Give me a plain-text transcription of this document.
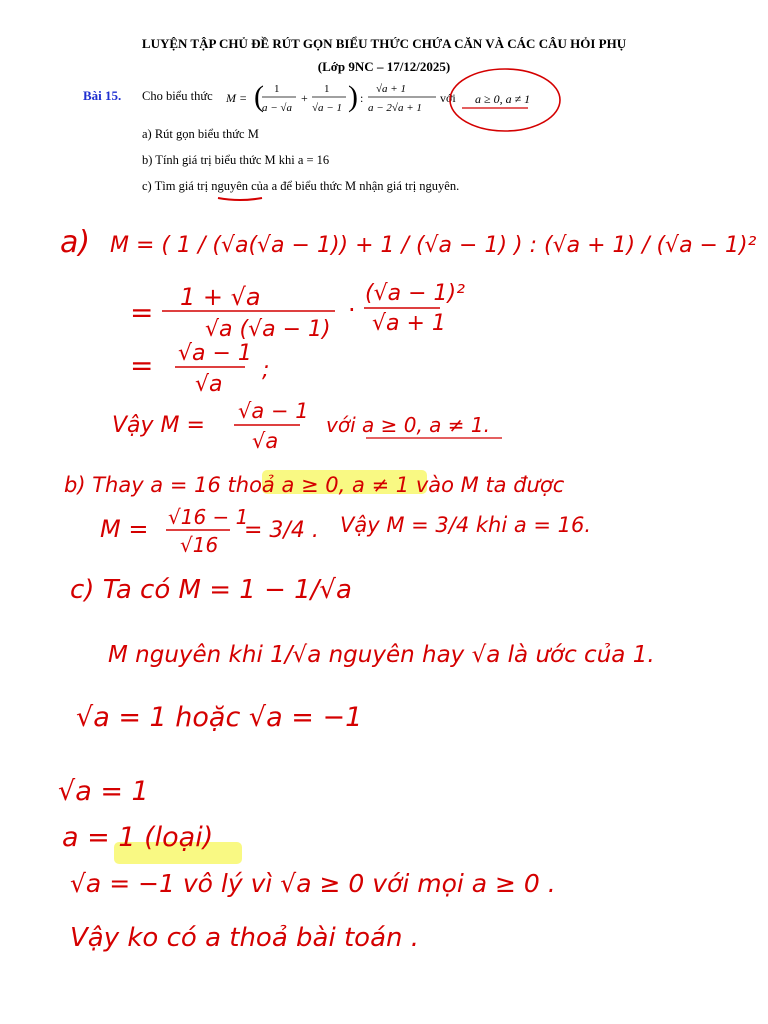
LUYỆN TẬP CHỦ ĐỀ RÚT GỌN BIỂU THỨC CHỨA CĂN VÀ CÁC CÂU HỎI PHỤ
(Lớp 9NC – 17/12/2025)
Bài 15. Cho biểu thức M = ( 1
a − √a
+
1
√a − 1 ) :
√a + 1
a − 2√a + 1
với a ≥ 0, a ≠ 1
a) Rút gọn biểu thức M
b) Tính giá trị biểu thức M khi a = 16
c) Tìm giá trị nguyên của a để biểu thức M nhận giá trị nguyên.
a) M = ( 1 / (√a(√a − 1)) + 1 / (√a − 1) ) : (√a + 1) / (√a − 1)²
= 1 + √a
√a (√a − 1)
·
(√a − 1)²
√a + 1
= √a − 1
√a
;
Vậy M =
√a − 1
√a
với a ≥ 0, a ≠ 1.
b) Thay a = 16 thoả a ≥ 0, a ≠ 1 vào M ta được
M = √16 − 1
√16
= 3/4 . Vậy M = 3/4 khi a = 16.
c) Ta có M = 1 − 1/√a
M nguyên khi 1/√a nguyên hay √a là ước của 1.
√a = 1 hoặc √a = −1
√a = 1
a = 1 (loại)
√a = −1 vô lý vì √a ≥ 0 với mọi a ≥ 0 .
Vậy ko có a thoả bài toán .
